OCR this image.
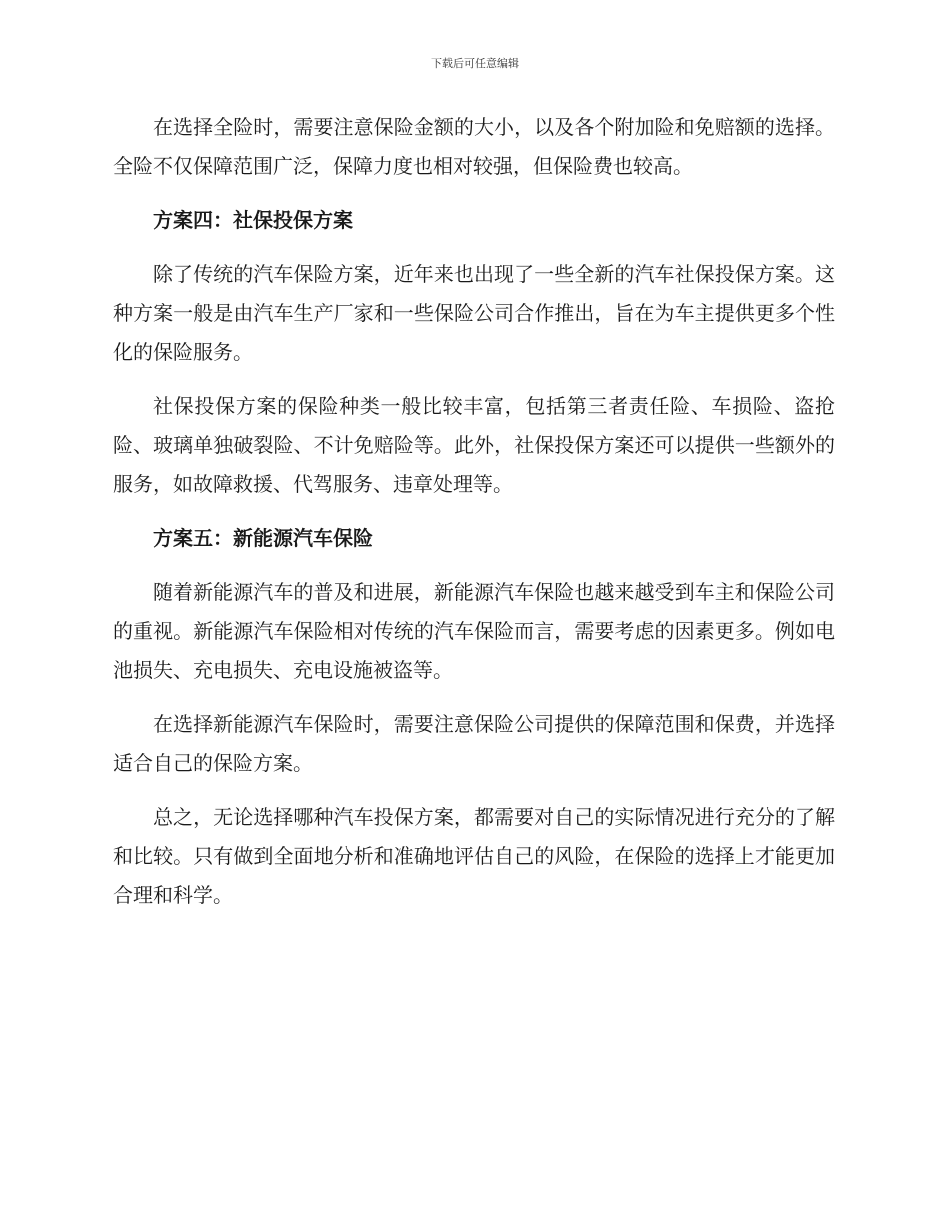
下载后可任意编辑

在选择全险时，需要注意保险金额的大小，以及各个附加险和免赔额的选择。全险不仅保障范围广泛，保障力度也相对较强，但保险费也较高。

方案四：社保投保方案

除了传统的汽车保险方案，近年来也出现了一些全新的汽车社保投保方案。这种方案一般是由汽车生产厂家和一些保险公司合作推出，旨在为车主提供更多个性化的保险服务。

社保投保方案的保险种类一般比较丰富，包括第三者责任险、车损险、盗抢险、玻璃单独破裂险、不计免赔险等。此外，社保投保方案还可以提供一些额外的服务，如故障救援、代驾服务、违章处理等。

方案五：新能源汽车保险

随着新能源汽车的普及和进展，新能源汽车保险也越来越受到车主和保险公司的重视。新能源汽车保险相对传统的汽车保险而言，需要考虑的因素更多。例如电池损失、充电损失、充电设施被盗等。

在选择新能源汽车保险时，需要注意保险公司提供的保障范围和保费，并选择适合自己的保险方案。

总之，无论选择哪种汽车投保方案，都需要对自己的实际情况进行充分的了解和比较。只有做到全面地分析和准确地评估自己的风险，在保险的选择上才能更加合理和科学。
